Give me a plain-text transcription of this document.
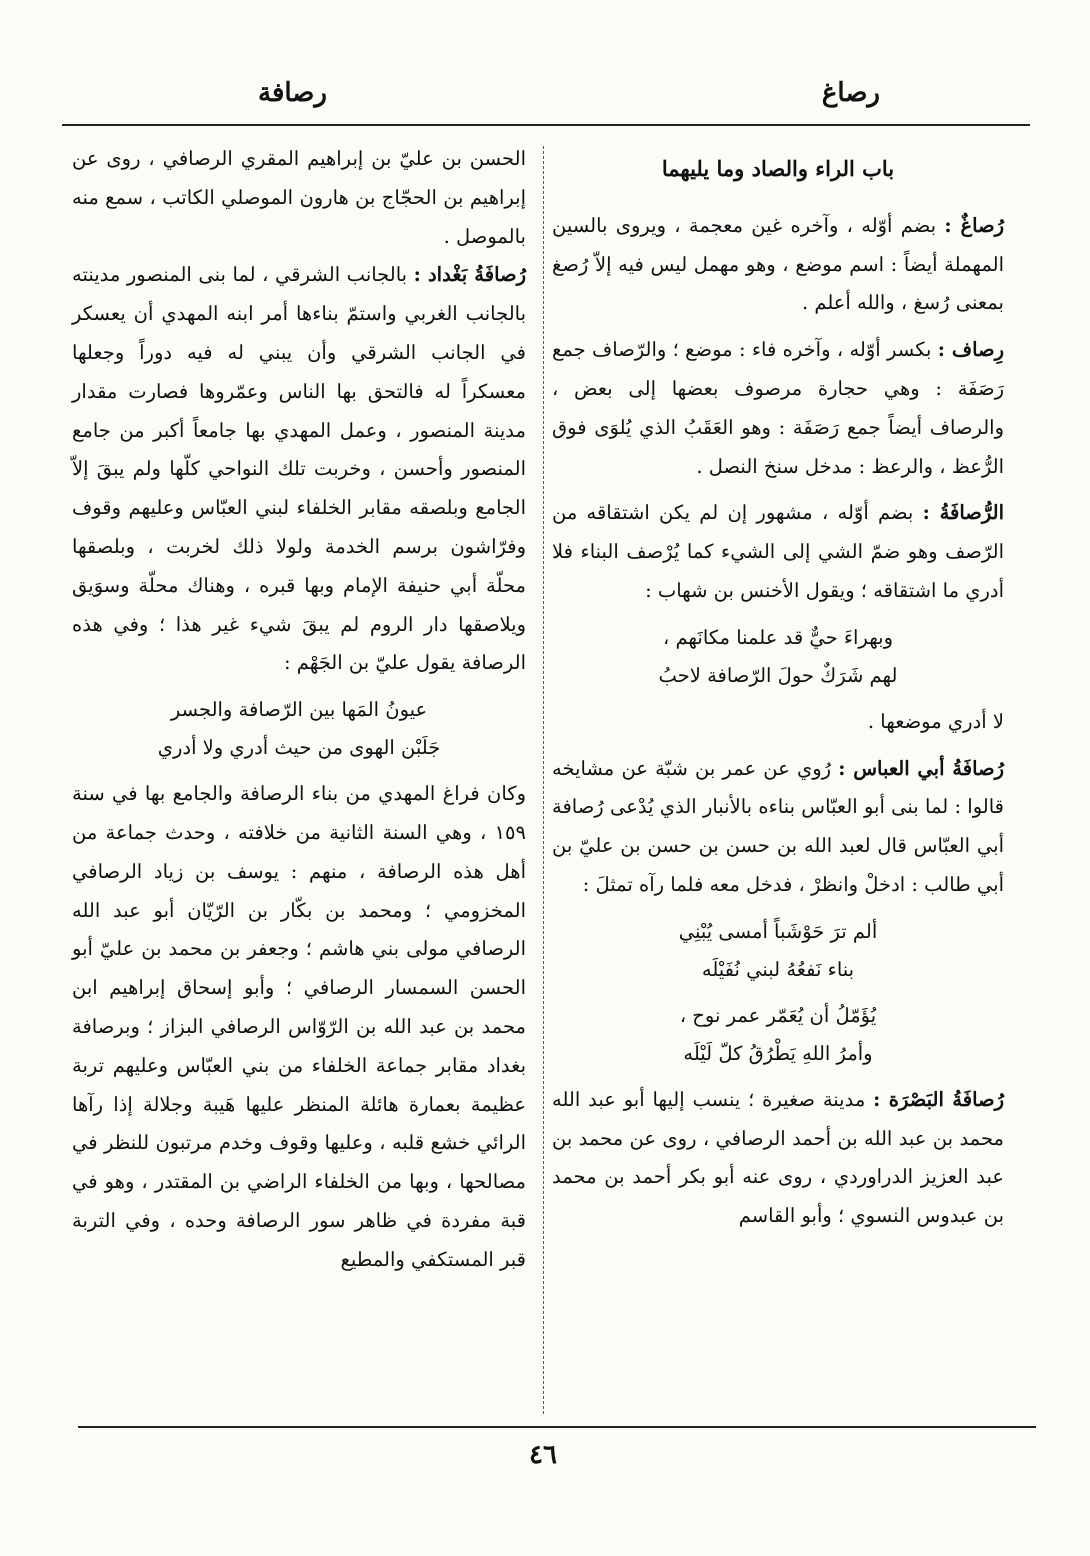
رصاغ
رصافة
باب الراء والصاد وما يليهما

رُصاغٌ : بضم أوّله ، وآخره غين معجمة ، ويروى بالسين المهملة أيضاً : اسم موضع ، وهو مهمل ليس فيه إلاّ رُصغ بمعنى رُسغ ، والله أعلم .

رِصاف : بكسر أوّله ، وآخره فاء : موضع ؛ والرّصاف جمع رَصَفَة : وهي حجارة مرصوف بعضها إلى بعض ، والرصاف أيضاً جمع رَصَفَة : وهو العَقَبُ الذي يُلوَى فوق الرُّعظ ، والرعظ : مدخل سنخ النصل .

الرُّصافَةُ : بضم أوّله ، مشهور إن لم يكن اشتقاقه من الرّصف وهو ضمّ الشي إلى الشيء كما يُرْصف البناء فلا أدري ما اشتقاقه ؛ ويقول الأخنس بن شهاب :

وبهراءَ حيٌّ قد علمنا مكانَهم ،

لهم شَرَكٌ حولَ الرّصافة لاحبُ

لا أدري موضعها .

رُصافَةُ أبي العباس : رُوي عن عمر بن شبّة عن مشايخه قالوا : لما بنى أبو العبّاس بناءه بالأنبار الذي يُدْعى رُصافة أبي العبّاس قال لعبد الله بن حسن بن حسن بن عليّ بن أبي طالب : ادخلْ وانظرْ ، فدخل معه فلما رآه تمثلَ :

ألم ترَ حَوْشَباً أمسى يُبْنِي

بناء نَفعُهُ لبني نُفَيْلَه

يُؤَمّلُ أن يُعَمّر عمر نوح ،

وأمرُ اللهِ يَطْرُقُ كلّ لَيْلَه

رُصافَةُ البَصْرَة : مدينة صغيرة ؛ ينسب إليها أبو عبد الله محمد بن عبد الله بن أحمد الرصافي ، روى عن محمد بن عبد العزيز الدراوردي ، روى عنه أبو بكر أحمد بن محمد بن عبدوس النسوي ؛ وأبو القاسم

الحسن بن عليّ بن إبراهيم المقري الرصافي ، روى عن إبراهيم بن الحجّاج بن هارون الموصلي الكاتب ، سمع منه بالموصل .

رُصافَةُ بَغْداد : بالجانب الشرقي ، لما بنى المنصور مدينته بالجانب الغربي واستمّ بناءها أمر ابنه المهدي أن يعسكر في الجانب الشرقي وأن يبني له فيه دوراً وجعلها معسكراً له فالتحق بها الناس وعمّروها فصارت مقدار مدينة المنصور ، وعمل المهدي بها جامعاً أكبر من جامع المنصور وأحسن ، وخربت تلك النواحي كلّها ولم يبقَ إلاّ الجامع وبلصقه مقابر الخلفاء لبني العبّاس وعليهم وقوف وفرّاشون برسم الخدمة ولولا ذلك لخربت ، وبلصقها محلّة أبي حنيفة الإمام وبها قبره ، وهناك محلّة وسوَيق ويلاصقها دار الروم لم يبقَ شيء غير هذا ؛ وفي هذه الرصافة يقول عليّ بن الجَهْم :

عيونُ المَها بين الرّصافة والجسر

جَلَبْن الهوى من حيث أدري ولا أدري

وكان فراغ المهدي من بناء الرصافة والجامع بها في سنة ١٥٩ ، وهي السنة الثانية من خلافته ، وحدث جماعة من أهل هذه الرصافة ، منهم : يوسف بن زياد الرصافي المخزومي ؛ ومحمد بن بكّار بن الرّيّان أبو عبد الله الرصافي مولى بني هاشم ؛ وجعفر بن محمد بن عليّ أبو الحسن السمسار الرصافي ؛ وأبو إسحاق إبراهيم ابن محمد بن عبد الله بن الرّوّاس الرصافي البزاز ؛ وبرصافة بغداد مقابر جماعة الخلفاء من بني العبّاس وعليهم تربة عظيمة بعمارة هائلة المنظر عليها هَيبة وجلالة إذا رآها الرائي خشع قلبه ، وعليها وقوف وخدم مرتبون للنظر في مصالحها ، وبها من الخلفاء الراضي بن المقتدر ، وهو في قبة مفردة في ظاهر سور الرصافة وحده ، وفي التربة قبر المستكفي والمطيع

٤٦
